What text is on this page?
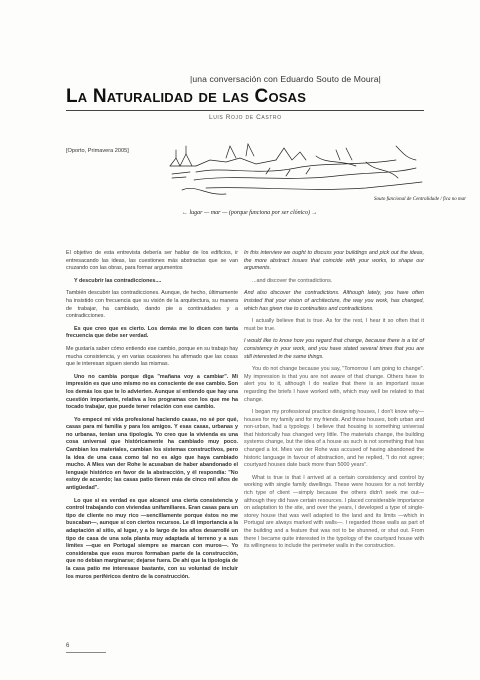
|una conversación con Eduardo Souto de Moura|
La Naturalidad de las Cosas
Luis Rojo de Castro
[Oporto, Primavera 2005]
← lugar — mar — (porque funciona por ser clónico) →
Souto funcional de Centralidade / fica no mar

El objetivo de esta entrevista debería ser hablar de los edificios, ir entresacando las ideas, las cuestiones más abstractas que se van cruzando con las obras, para formar argumentos

Y descubrir las contradicciones....

También descubrir las contradicciones. Aunque, de hecho, últimamente ha insistido con frecuencia que su visión de la arquitectura, su manera de trabajar, ha cambiado, dando pie a continuidades y a contradicciones.

Es que creo que es cierto. Los demás me lo dicen con tanta frecuencia que debe ser verdad.

Me gustaría saber cómo entiendo ese cambio, porque en su trabajo hay mucha consistencia, y en varias ocasiones ha afirmado que las cosas que le interesan siguen siendo las mismas.

Uno no cambia porque diga "mañana voy a cambiar". Mi impresión es que uno mismo no es consciente de ese cambio. Son los demás los que te lo advierten. Aunque sí entiendo que hay una cuestión importante, relativa a los programas con los que me ha tocado trabajar, que puede tener relación con ese cambio.

Yo empecé mi vida profesional haciendo casas, no sé por qué, casas para mi familia y para los amigos. Y esas casas, urbanas y no urbanas, tenían una tipología. Yo creo que la vivienda es una cosa universal que históricamente ha cambiado muy poco. Cambian los materiales, cambian los sistemas constructivos, pero la idea de una casa como tal no es algo que haya cambiado mucho. A Mies van der Rohe le acusaban de haber abandonado el lenguaje histórico en favor de la abstracción, y él respondía: "No estoy de acuerdo; las casas patio tienen más de cinco mil años de antigüedad".

Lo que sí es verdad es que alcancé una cierta consistencia y control trabajando con viviendas unifamiliares. Eran casas para un tipo de cliente no muy rico —sencillamente porque éstos no me buscaban—, aunque sí con ciertos recursos. Le di importancia a la adaptación al sitio, al lugar, y a lo largo de los años desarrollé un tipo de casa de una sola planta muy adaptada al terreno y a sus límites —que en Portugal siempre se marcan con muros—. Yo consideraba que esos muros formaban parte de la construcción, que no debían marginarse; dejarse fuera. De ahí que la tipología de la casa patio me interesase bastante, con su voluntad de incluir los muros periféricos dentro de la construcción.

In this interview we ought to discuss your buildings and pick out the ideas, the more abstract issues that coincide with your works, to shape our arguments.

...and discover the contradictions.

And also discover the contradictions. Although lately, you have often insisted that your vision of architecture, the way you work, has changed, which has given rise to continuities and contradictions.

I actually believe that is true. As for the rest, I hear it so often that it must be true.

I would like to know how you regard that change, because there is a lot of consistency in your work, and you have stated several times that you are still interested in the same things.

You do not change because you say, "Tomorrow I am going to change". My impression is that you are not aware of that change. Others have to alert you to it, although I do realize that there is an important issue regarding the briefs I have worked with, which may well be related to that change.

I began my professional practice designing houses, I don't know why— houses for my family and for my friends. And those houses, both urban and non-urban, had a typology. I believe that housing is something universal that historically has changed very little. The materials change, the building systems change, but the idea of a house as such is not something that has changed a lot. Mies van der Rohe was accused of having abandoned the historic language in favour of abstraction, and he replied, "I do not agree; courtyard houses date back more than 5000 years".

What is true is that I arrived at a certain consistency and control by working with single family dwellings. These were houses for a not terribly rich type of client —simply because the others didn't seek me out— although they did have certain resources. I placed considerable importance on adaptation to the site, and over the years, I developed a type of single-storey house that was well adapted to the land and its limits —which in Portugal are always marked with walls—. I regarded those walls as part of the building and a feature that was not to be shunned, or shut out. From there I became quite interested in the typology of the courtyard house with its willingness to include the perimeter walls in the construction.

6
